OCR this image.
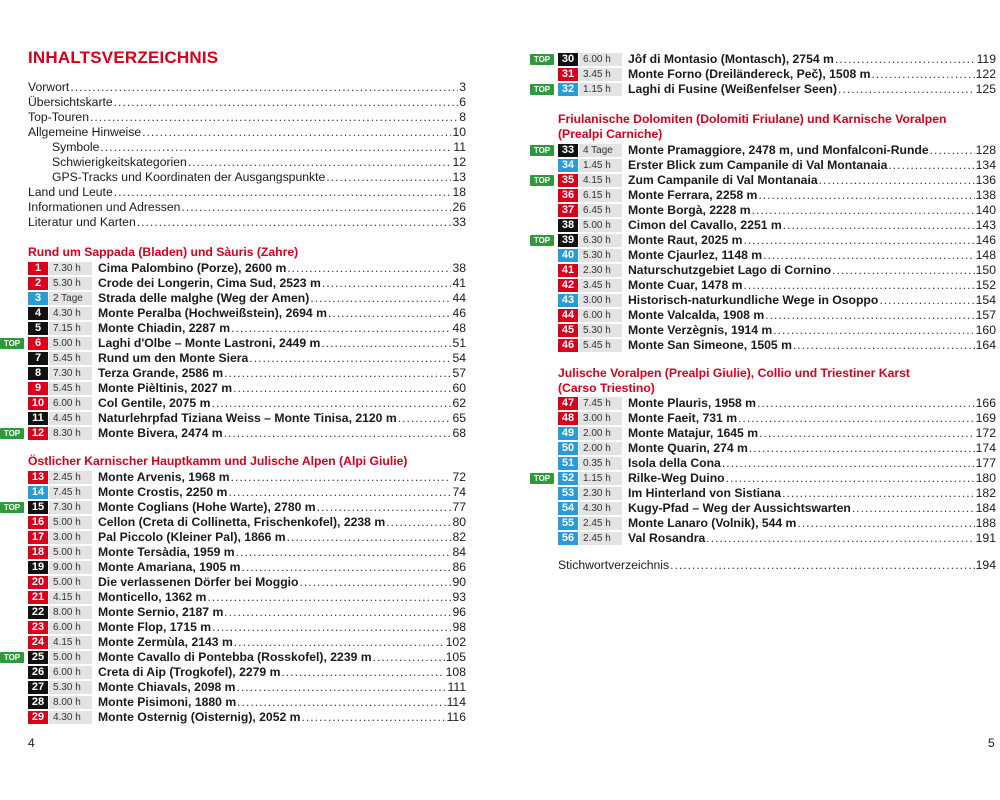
INHALTSVERZEICHNIS
Vorwort .....	3
Übersichtskarte .....	6
Top-Touren .....	8
Allgemeine Hinweise .....	10
Symbole .....	11
Schwierigkeitskategorien .....	12
GPS-Tracks und Koordinaten der Ausgangspunkte .....	13
Land und Leute .....	18
Informationen und Adressen .....	26
Literatur und Karten .....	33
Rund um Sappada (Bladen) und Sàuris (Zahre)
1	7.30 h	Cima Palombino (Porze), 2600 m .....	38
2	5.30 h	Crode dei Longerin, Cima Sud, 2523 m .....	41
3	2 Tage	Strada delle malghe (Weg der Amen) .....	44
4	4.30 h	Monte Peralba (Hochweißstein), 2694 m .....	46
5	7.15 h	Monte Chiadin, 2287 m .....	48
TOP	6	5.00 h	Laghi d'Olbe – Monte Lastroni, 2449 m .....	51
7	5.45 h	Rund um den Monte Siera .....	54
8	7.30 h	Terza Grande, 2586 m .....	57
9	5.45 h	Monte Pièltinis, 2027 m .....	60
10 6.00 h	Col Gentile, 2075 m .....	62
11 4.45 h	Naturlehrpfad Tiziana Weiss – Monte Tinisa, 2120 m .....	65
TOP	12 8.30 h	Monte Bivera, 2474 m .....	68
Östlicher Karnischer Hauptkamm und Julische Alpen (Alpi Giulie)
13 2.45 h	Monte Arvenis, 1968 m .....	72
14 7.45 h	Monte Crostis, 2250 m .....	74
TOP	15 7.30 h	Monte Coglians (Hohe Warte), 2780 m .....	77
16 5.00 h	Cellon (Creta di Collinetta, Frischenkofel), 2238 m .....	80
17 3.00 h	Pal Piccolo (Kleiner Pal), 1866 m .....	82
18 5.00 h	Monte Tersàdia, 1959 m .....	84
19 9.00 h	Monte Amariana, 1905 m .....	86
20 5.00 h	Die verlassenen Dörfer bei Moggio .....	90
21 4.15 h	Monticello, 1362 m .....	93
22 8.00 h	Monte Sernio, 2187 m .....	96
23 6.00 h	Monte Flop, 1715 m .....	98
24 4.15 h	Monte Zermùla, 2143 m .....	102
TOP	25 5.00 h	Monte Cavallo di Pontebba (Rosskofel), 2239 m .....	105
26 6.00 h	Creta di Aip (Trogkofel), 2279 m .....	108
27 5.30 h	Monte Chiavals, 2098 m .....	111
28 8.00 h	Monte Pisimoni, 1880 m .....	114
29 4.30 h	Monte Osternig (Oisternig), 2052 m .....	116
4
TOP	30 6.00 h	Jôf di Montasio (Montasch), 2754 m .....	119
31 3.45 h	Monte Forno (Dreiländereck, Peč), 1508 m .....	122
TOP	32 1.15 h	Laghi di Fusine (Weißenfelser Seen) .....	125
Friulanische Dolomiten (Dolomiti Friulane) und Karnische Voralpen
(Prealpi Carniche)
TOP	33 4 Tage	Monte Pramaggiore, 2478 m, und Monfalconi-Runde .....	128
34 1.45 h	Erster Blick zum Campanile di Val Montanaia .....	134
TOP	35 4.15 h	Zum Campanile di Val Montanaia .....	136
36 6.15 h	Monte Ferrara, 2258 m .....	138
37 6.45 h	Monte Borgà, 2228 m .....	140
38 5.00 h	Cimon del Cavallo, 2251 m .....	143
TOP	39 6.30 h	Monte Raut, 2025 m .....	146
40 5.30 h	Monte Cjaurlez, 1148 m .....	148
41 2.30 h	Naturschutzgebiet Lago di Cornino .....	150
42 3.45 h	Monte Cuar, 1478 m .....	152
43 3.00 h	Historisch-naturkundliche Wege in Osoppo .....	154
44 6.00 h	Monte Valcalda, 1908 m .....	157
45 5.30 h	Monte Verzègnis, 1914 m .....	160
46 5.45 h	Monte San Simeone, 1505 m .....	164
Julische Voralpen (Prealpi Giulie), Collio und Triestiner Karst
(Carso Triestino)
47 7.45 h	Monte Plauris, 1958 m .....	166
48 3.00 h	Monte Faeit, 731 m .....	169
49 2.00 h	Monte Matajur, 1645 m .....	172
50 2.00 h	Monte Quarin, 274 m .....	174
51 0.35 h	Isola della Cona .....	177
TOP	52 1.15 h	Rilke-Weg Duino .....	180
53 2.30 h	Im Hinterland von Sistiana .....	182
54 4.30 h	Kugy-Pfad – Weg der Aussichtswarten .....	184
55 2.45 h	Monte Lanaro (Volnik), 544 m .....	188
56 2.45 h	Val Rosandra .....	191
Stichwortverzeichnis .....	194
5
